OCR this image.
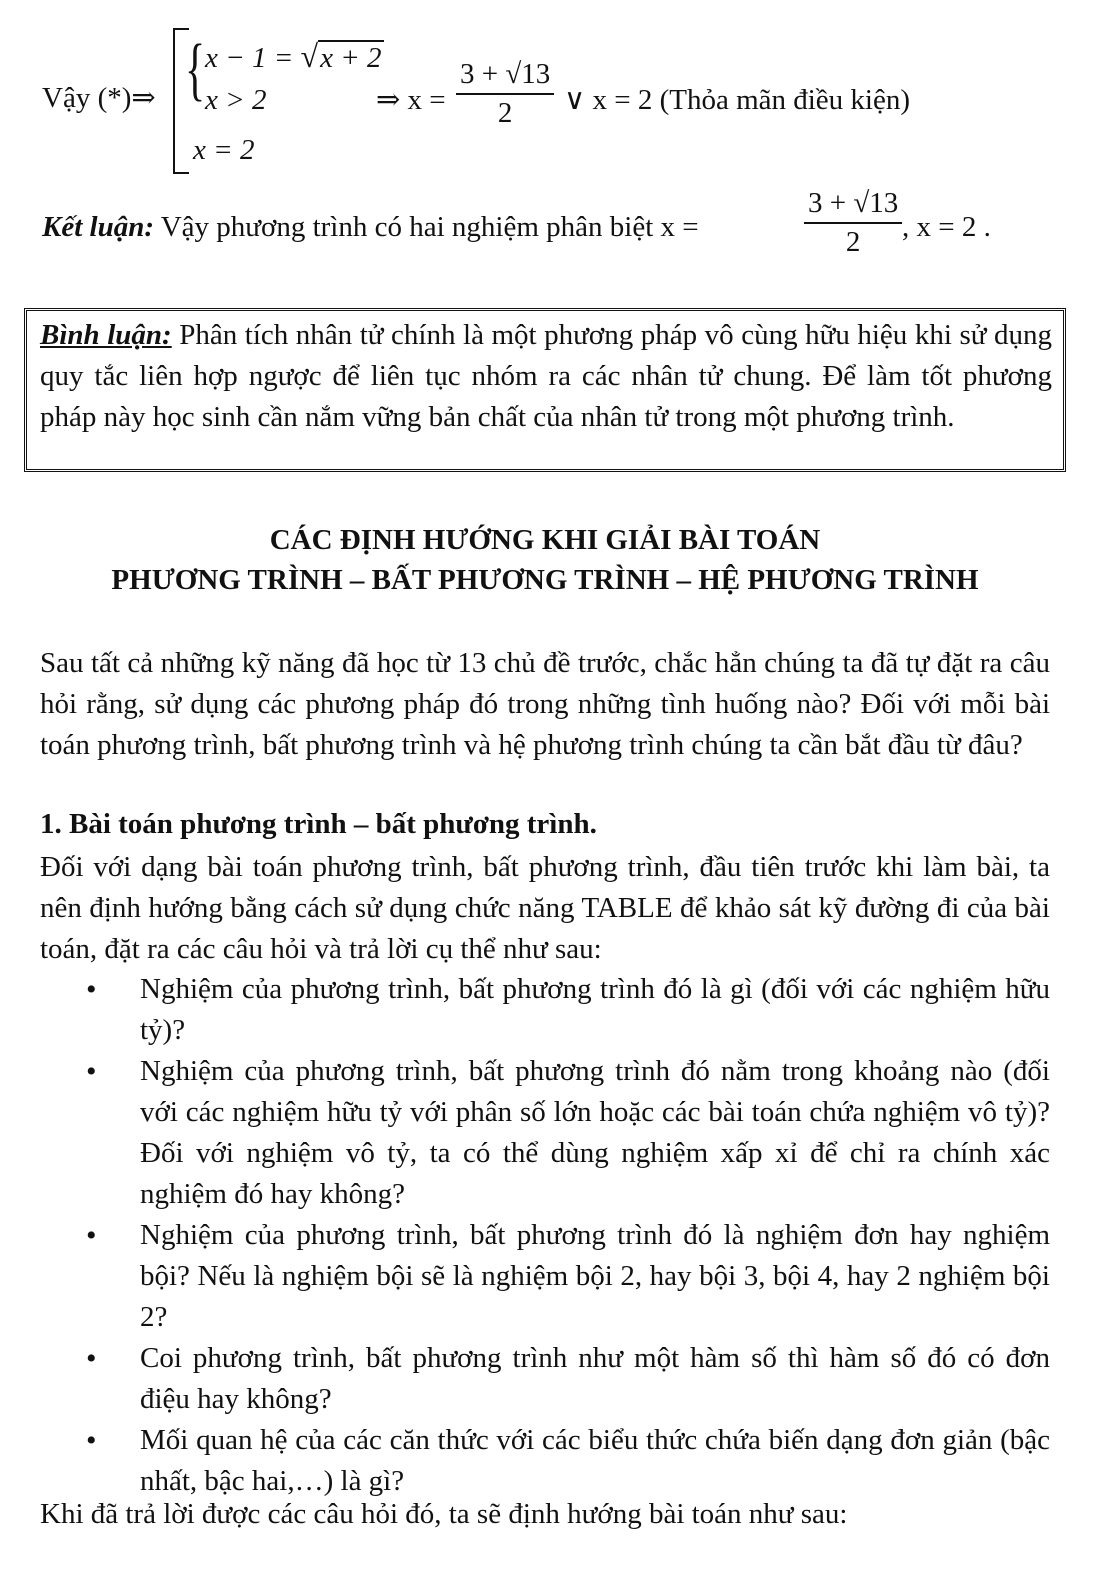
Vậy (*)⇒ { x − 1 = √x + 2
x > 2
x = 2
⇒ $x = \frac{3 + √13}{2}$ ∨ x = 2 (Thỏa mãn điều kiện)
Kết luận: Vậy phương trình có hai nghiệm phân biệt x =	$\frac{3 + √13}{2}$ , x = 2 .
Bình luận: Phân tích nhân tử chính là một phương pháp vô cùng hữu hiệu khi sử dụng quy tắc liên hợp ngược để liên tục nhóm ra các nhân tử chung. Để làm tốt phương pháp này học sinh cần nắm vững bản chất của nhân tử trong một phương trình.
CÁC ĐỊNH HƯỚNG KHI GIẢI BÀI TOÁN
PHƯƠNG TRÌNH – BẤT PHƯƠNG TRÌNH – HỆ PHƯƠNG TRÌNH
Sau tất cả những kỹ năng đã học từ 13 chủ đề trước, chắc hẳn chúng ta đã tự đặt ra câu hỏi rằng, sử dụng các phương pháp đó trong những tình huống nào? Đối với mỗi bài toán phương trình, bất phương trình và hệ phương trình chúng ta cần bắt đầu từ đâu?
1. Bài toán phương trình – bất phương trình.
Đối với dạng bài toán phương trình, bất phương trình, đầu tiên trước khi làm bài, ta nên định hướng bằng cách sử dụng chức năng TABLE để khảo sát kỹ đường đi của bài toán, đặt ra các câu hỏi và trả lời cụ thể như sau:
• Nghiệm của phương trình, bất phương trình đó là gì (đối với các nghiệm hữu tỷ)?
• Nghiệm của phương trình, bất phương trình đó nằm trong khoảng nào (đối với các nghiệm hữu tỷ với phân số lớn hoặc các bài toán chứa nghiệm vô tỷ)? Đối với nghiệm vô tỷ, ta có thể dùng nghiệm xấp xỉ để chỉ ra chính xác nghiệm đó hay không?
• Nghiệm của phương trình, bất phương trình đó là nghiệm đơn hay nghiệm bội? Nếu là nghiệm bội sẽ là nghiệm bội 2, hay bội 3, bội 4, hay 2 nghiệm bội 2?
• Coi phương trình, bất phương trình như một hàm số thì hàm số đó có đơn điệu hay không?
• Mối quan hệ của các căn thức với các biểu thức chứa biến dạng đơn giản (bậc nhất, bậc hai,…) là gì?
Khi đã trả lời được các câu hỏi đó, ta sẽ định hướng bài toán như sau:
